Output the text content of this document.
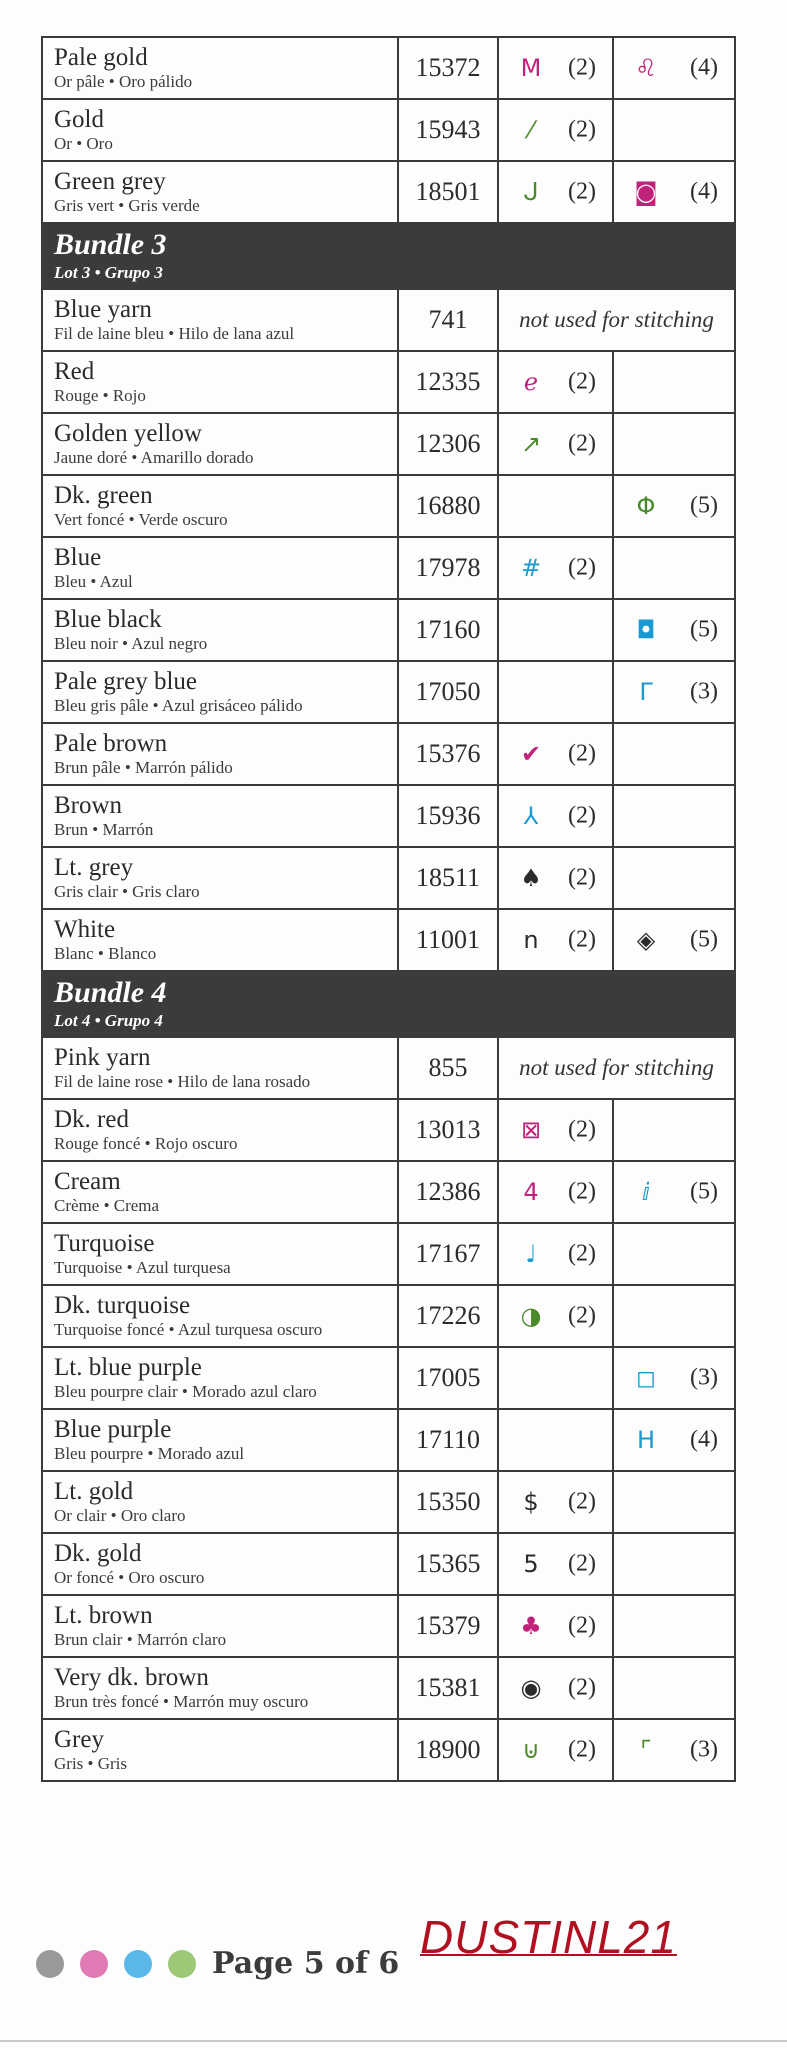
Pale gold
Or pâle • Oro pálido	15372	M (2)	♌ (4)

Gold
Or • Oro	15943	⁄ (2)	

Green grey
Gris vert • Gris verde	18501	ᒍ (2)	◙ (4)

Bundle 3
Lot 3 • Grupo 3			

Blue yarn
Fil de laine bleu • Hilo de lana azul	741	not used for stitching	

Red
Rouge • Rojo	12335	ℯ (2)	

Golden yellow
Jaune doré • Amarillo dorado	12306	↗ (2)	

Dk. green
Vert foncé • Verde oscuro	16880		Φ (5)

Blue
Bleu • Azul	17978	# (2)	

Blue black
Bleu noir • Azul negro	17160		◘ (5)

Pale grey blue
Bleu gris pâle • Azul grisáceo pálido	17050		Γ (3)

Pale brown
Brun pâle • Marrón pálido	15376	✔ (2)	

Brown
Brun • Marrón	15936	⅄ (2)	

Lt. grey
Gris clair • Gris claro	18511	♠ (2)	

White
Blanc • Blanco	11001	n (2)	◈ (5)

Bundle 4
Lot 4 • Grupo 4			

Pink yarn
Fil de laine rose • Hilo de lana rosado	855	not used for stitching	

Dk. red
Rouge foncé • Rojo oscuro	13013	⊠ (2)	

Cream
Crème • Crema	12386	4 (2)	ⅈ (5)

Turquoise
Turquoise • Azul turquesa	17167	♩ (2)	

Dk. turquoise
Turquoise foncé • Azul turquesa oscuro	17226	◑ (2)	

Lt. blue purple
Bleu pourpre clair • Morado azul claro	17005		◻ (3)

Blue purple
Bleu pourpre • Morado azul	17110		H (4)

Lt. gold
Or clair • Oro claro	15350	$ (2)	

Dk. gold
Or foncé • Oro oscuro	15365	5 (2)	

Lt. brown
Brun clair • Marrón claro	15379	♣ (2)	

Very dk. brown
Brun très foncé • Marrón muy oscuro	15381	◉ (2)	

Grey
Gris • Gris	18900	⊍ (2)	⌜ (3)
Page 5 of 6
DUSTINL21
